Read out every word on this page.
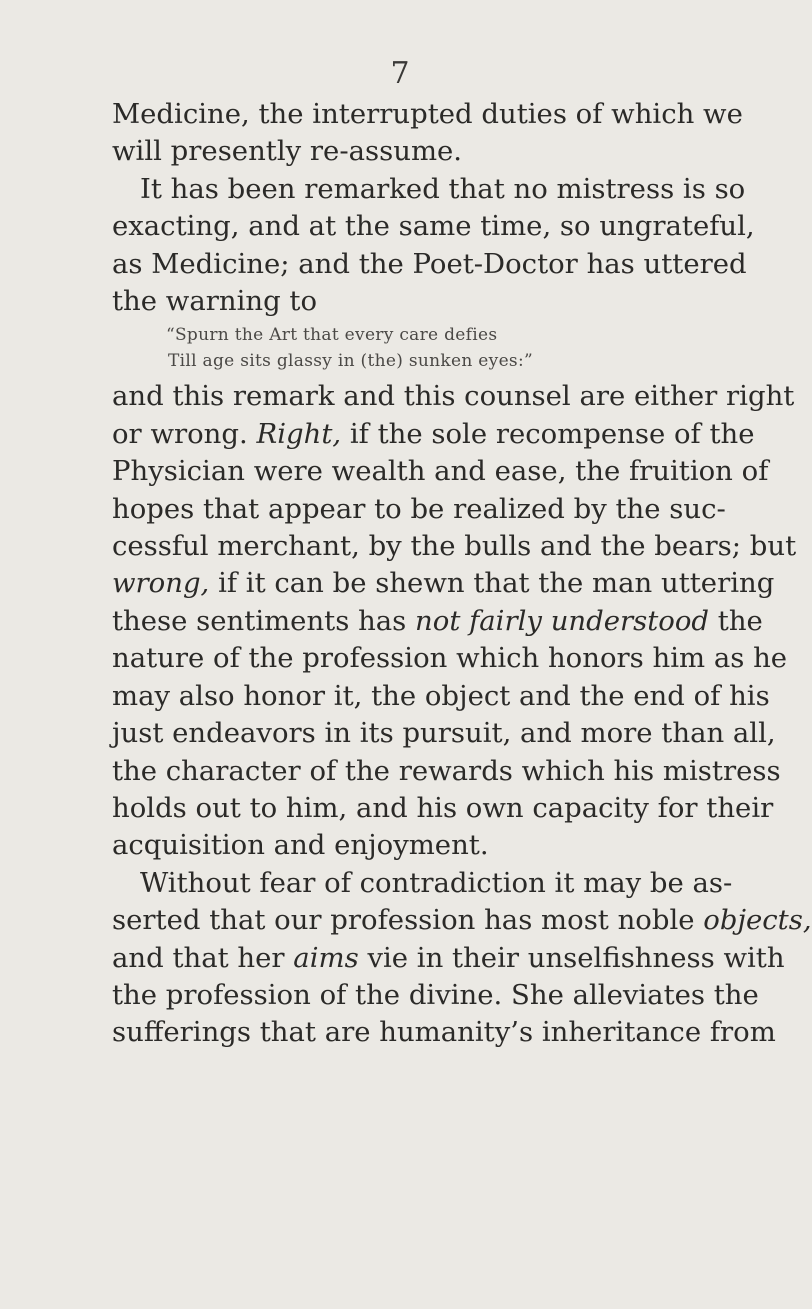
7

Medicine, the interrupted duties of which we
will presently re-assume.

It has been remarked that no mistress is so
exacting, and at the same time, so ungrateful,
as Medicine; and the Poet-Doctor has uttered
the warning to

“Spurn the Art that every care defies
Till age sits glassy in (the) sunken eyes:”

and this remark and this counsel are either right
or wrong. Right, if the sole recompense of the
Physician were wealth and ease, the fruition of
hopes that appear to be realized by the suc-
cessful merchant, by the bulls and the bears; but
wrong, if it can be shewn that the man uttering
these sentiments has not fairly understood the
nature of the profession which honors him as he
may also honor it, the object and the end of his
just endeavors in its pursuit, and more than all,
the character of the rewards which his mistress
holds out to him, and his own capacity for their
acquisition and enjoyment.

Without fear of contradiction it may be as-
serted that our profession has most noble objects,
and that her aims vie in their unselfishness with
the profession of the divine. She alleviates the
sufferings that are humanity’s inheritance from
